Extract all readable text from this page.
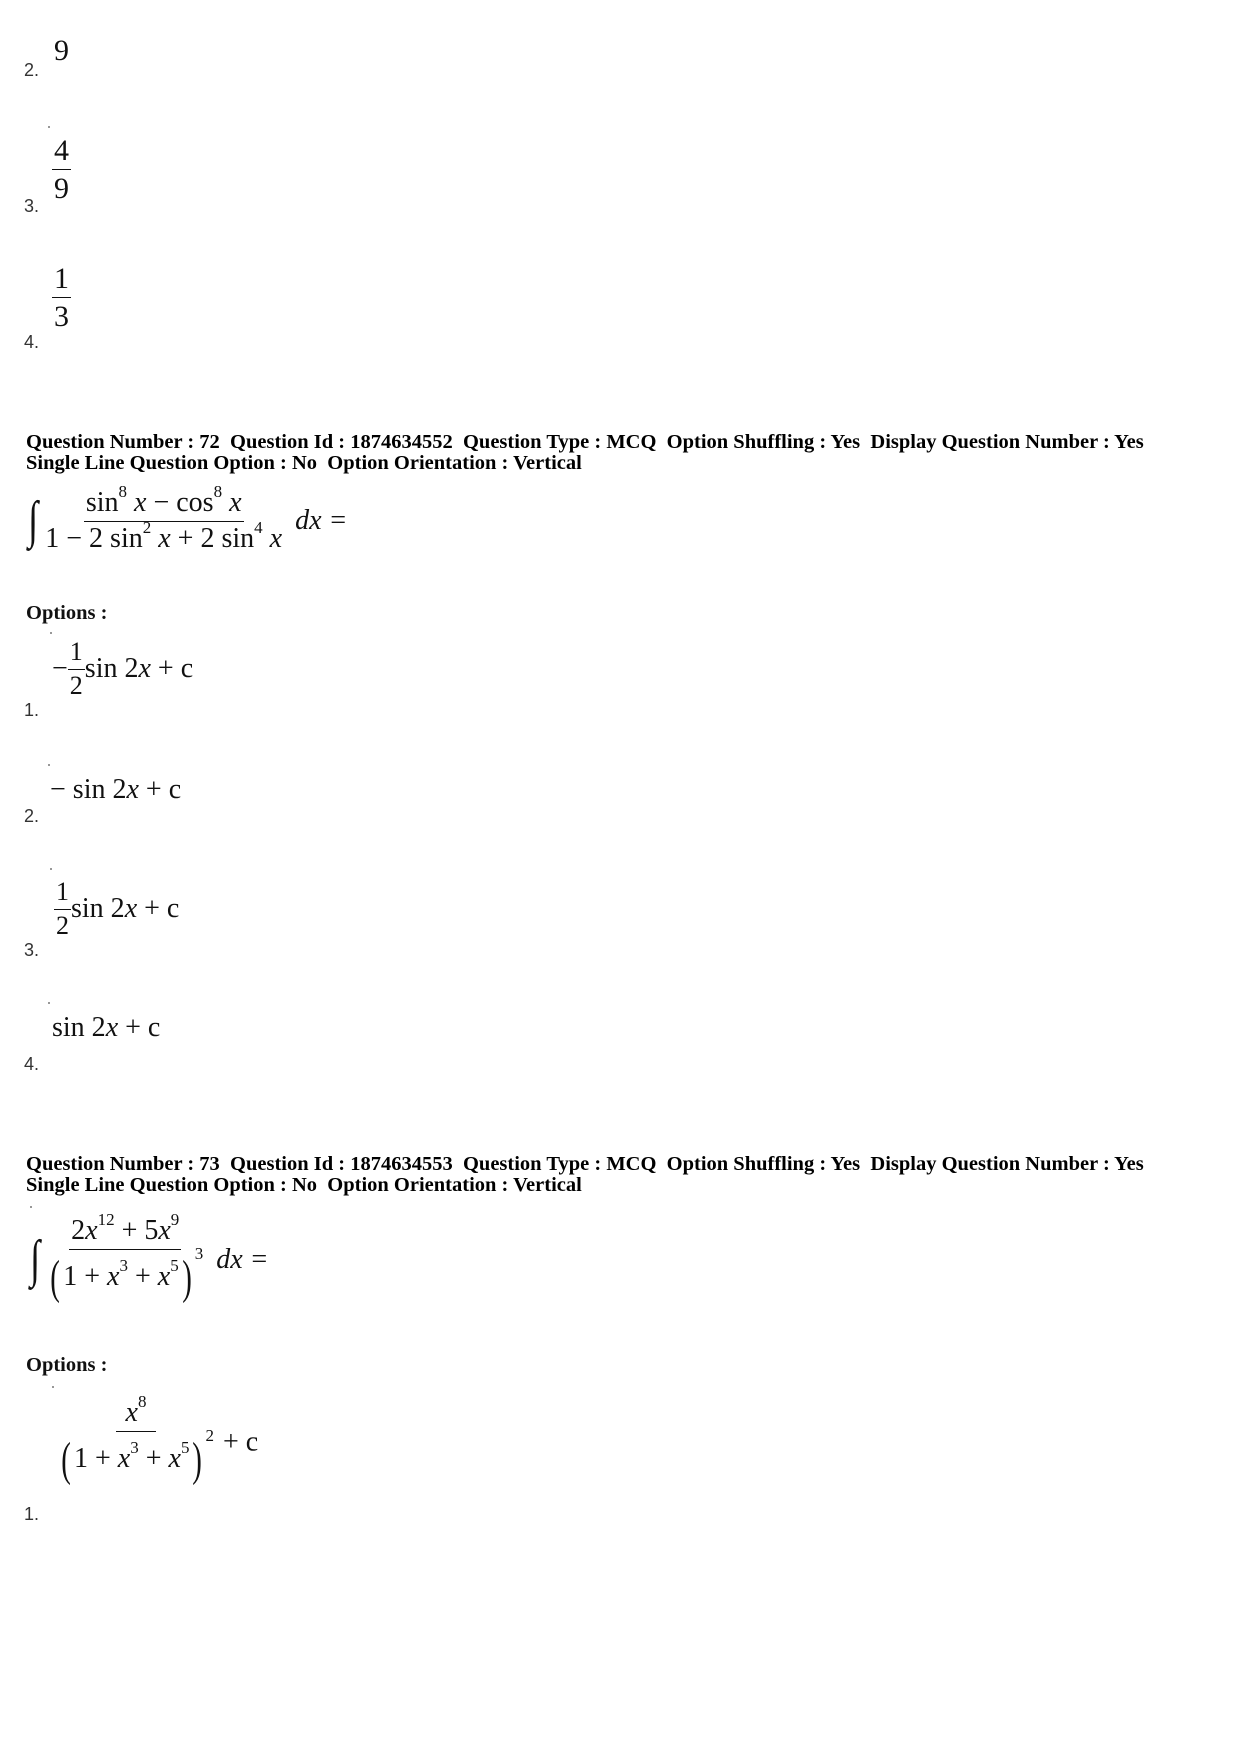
9
2.
$\frac{4}{9}$
3.
$\frac{1}{3}$
4.
Question Number : 72  Question Id : 1874634552  Question Type : MCQ  Option Shuffling : Yes  Display Question Number : Yes
Single Line Question Option : No  Option Orientation : Vertical
∫ $\frac{\sin^8 x - \cos^8 x}{1 - 2 \sin^2 x + 2 \sin^4 x}$ dx =
Options :
− $\frac{1}{2}$ sin 2x + c
1.
− sin 2x + c
2.
$\frac{1}{2}$ sin 2x + c
3.
sin 2x + c
4.
Question Number : 73  Question Id : 1874634553  Question Type : MCQ  Option Shuffling : Yes  Display Question Number : Yes
Single Line Question Option : No  Option Orientation : Vertical
∫ $\frac{2x^{12} + 5x^9}{( 1 + x^3 + x^5) ^3}$ dx =
Options :
$\frac{x^8}{( 1 + x^3 + x^5) ^2} + c$
1.
